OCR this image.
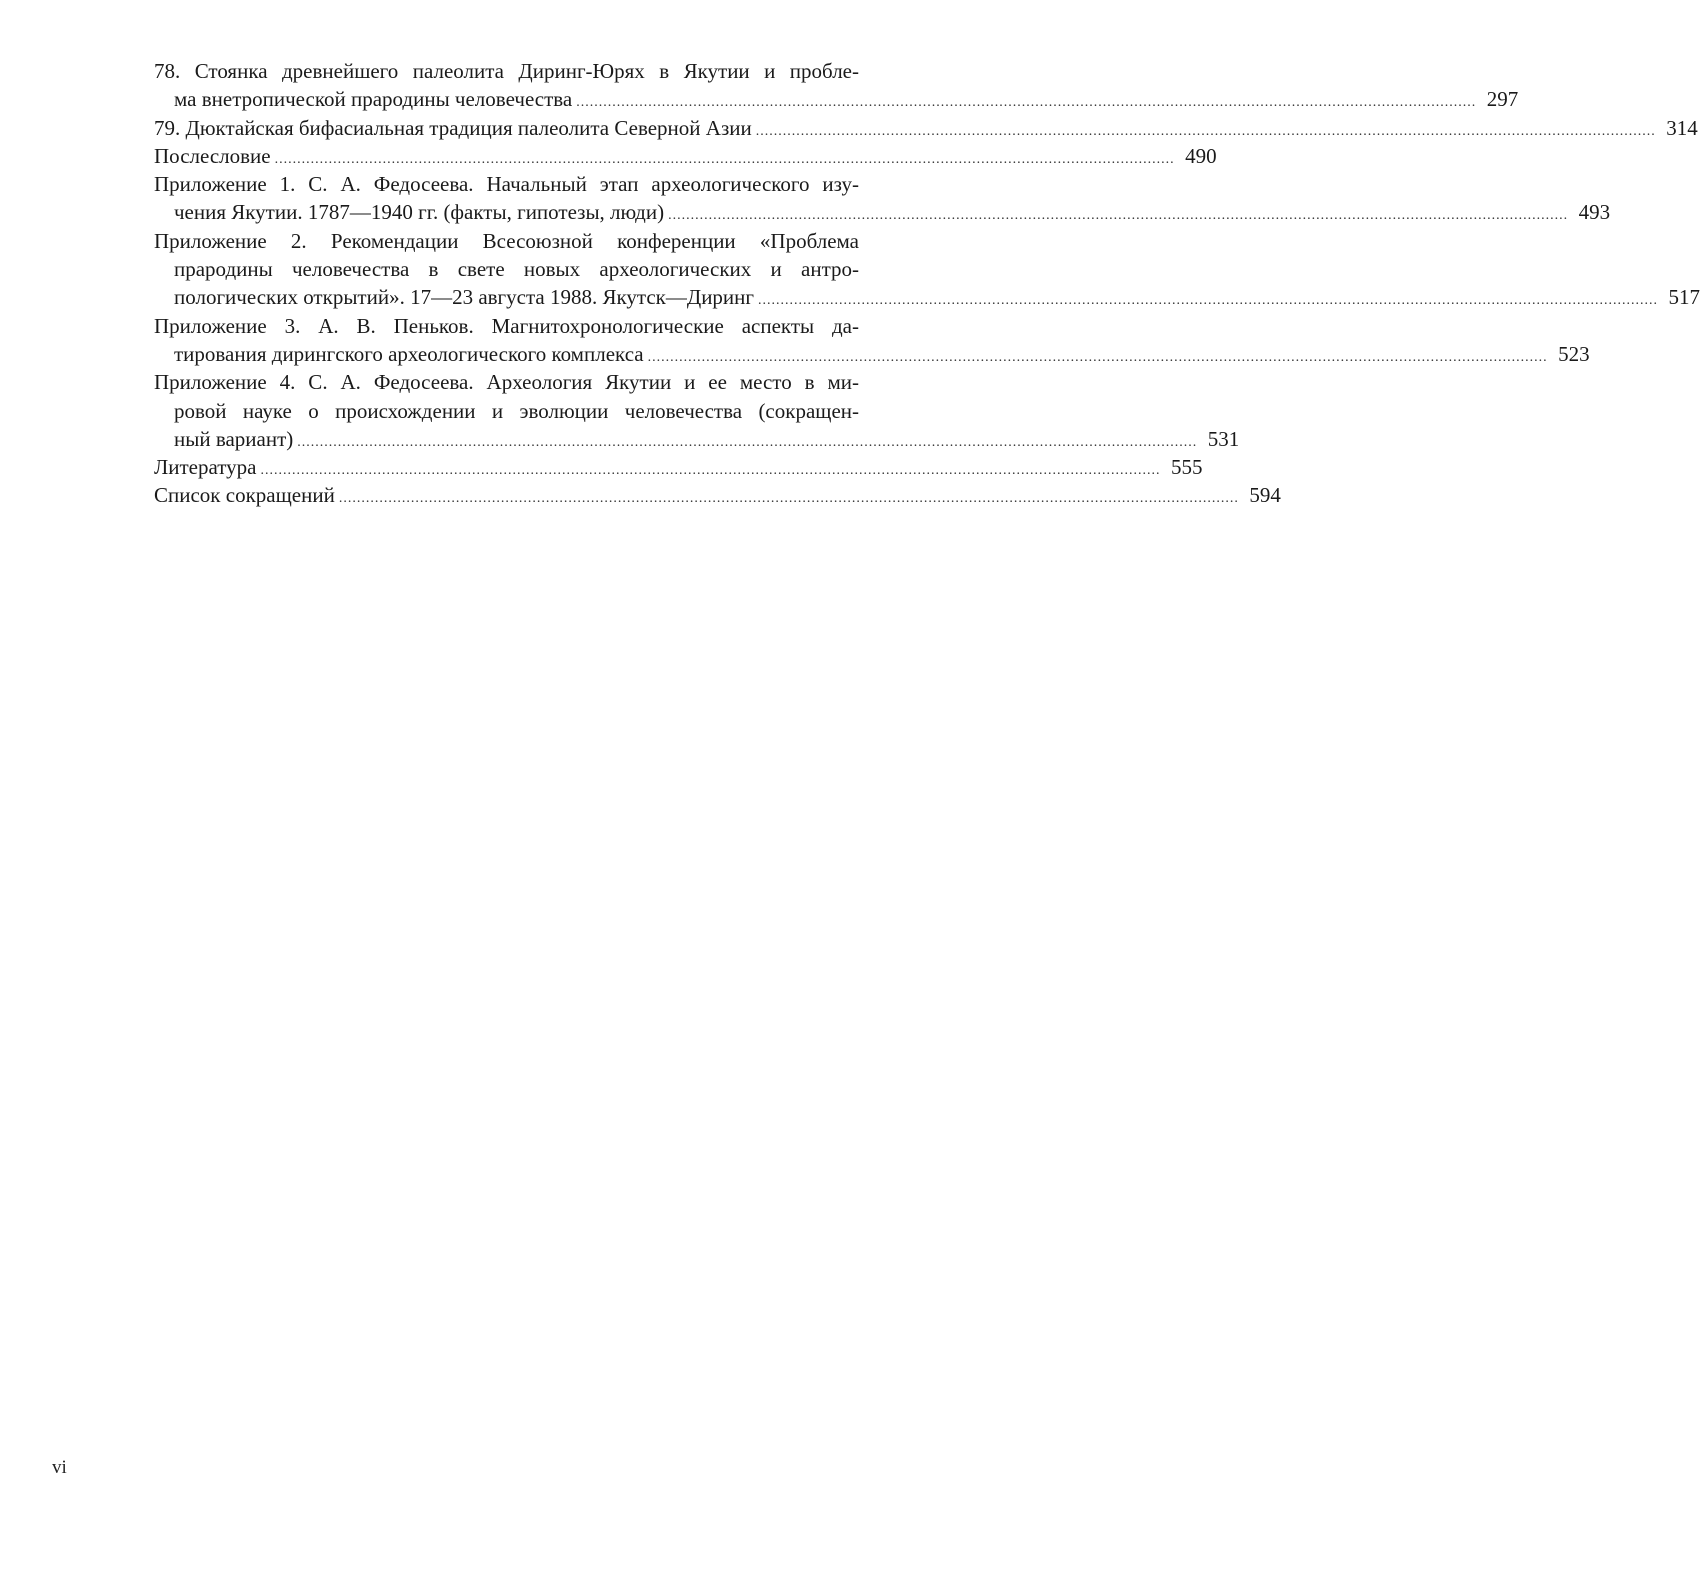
78. Стоянка древнейшего палеолита Диринг-Юрях в Якутии и пробле-
ма внетропической прародины человечества ........................................................................................................................................................................................................ 297
79. Дюктайская бифасиальная традиция палеолита Северной Азии ........................................................................................................................................................................................................ 314
Послесловие ........................................................................................................................................................................................................ 490
Приложение 1. С. А. Федосеева. Начальный этап археологического изу-
чения Якутии. 1787—1940 гг. (факты, гипотезы, люди) ........................................................................................................................................................................................................ 493
Приложение 2. Рекомендации Всесоюзной конференции «Проблема
прародины человечества в свете новых археологических и антро-
пологических открытий». 17—23 августа 1988. Якутск—Диринг ........................................................................................................................................................................................................ 517
Приложение 3. А. В. Пеньков. Магнитохронологические аспекты да-
тирования дирингского археологического комплекса ........................................................................................................................................................................................................ 523
Приложение 4. С. А. Федосеева. Археология Якутии и ее место в ми-
ровой науке о происхождении и эволюции человечества (сокращен-
ный вариант) ........................................................................................................................................................................................................ 531
Литература ........................................................................................................................................................................................................ 555
Список сокращений ........................................................................................................................................................................................................ 594
vi
